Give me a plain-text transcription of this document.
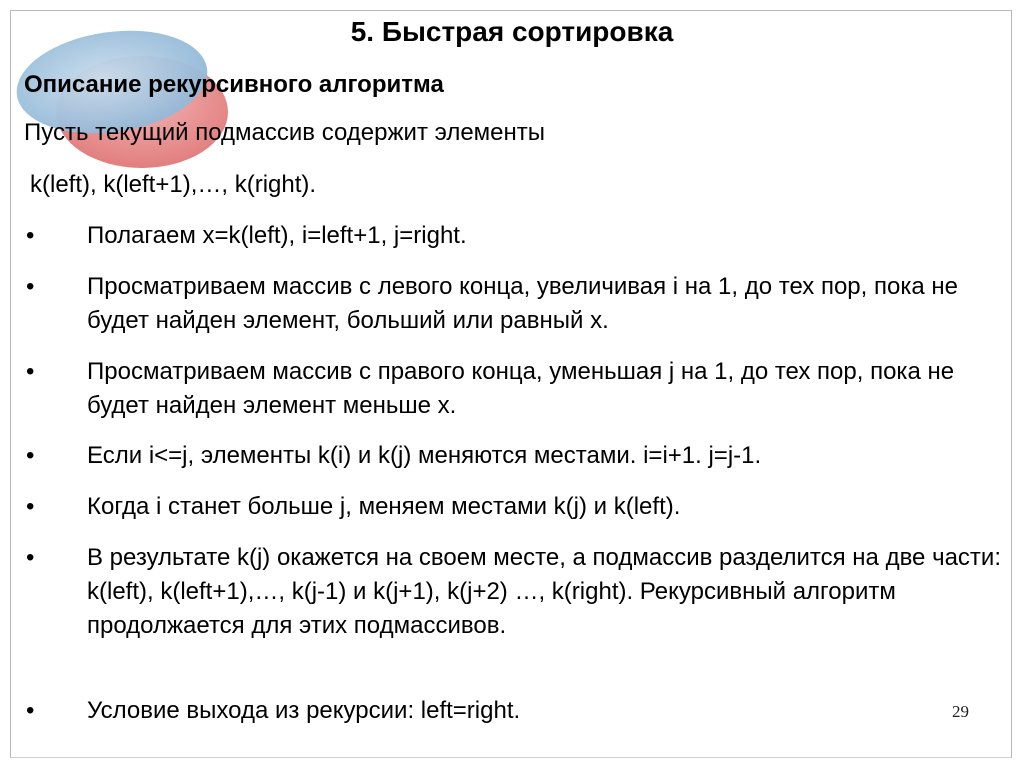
5. Быстрая сортировка
Описание рекурсивного алгоритма
Пусть текущий подмассив содержит элементы
k(left), k(left+1),…, k(right).
• Полагаем x=k(left), i=left+1, j=right.
• Просматриваем массив с левого конца, увеличивая i на 1, до тех пор, пока не будет найден элемент, больший или равный x.
• Просматриваем массив с правого конца, уменьшая j на 1, до тех пор, пока не будет найден элемент меньше x.
• Если i<=j, элементы k(i) и k(j) меняются местами. i=i+1. j=j-1.
• Когда i станет больше j, меняем местами k(j) и k(left).
• В результате k(j) окажется на своем месте, а подмассив разделится на две части: k(left), k(left+1),…, k(j-1) и k(j+1), k(j+2) …, k(right). Рекурсивный алгоритм продолжается для этих подмассивов.
• Условие выхода из рекурсии: left=right.	29
